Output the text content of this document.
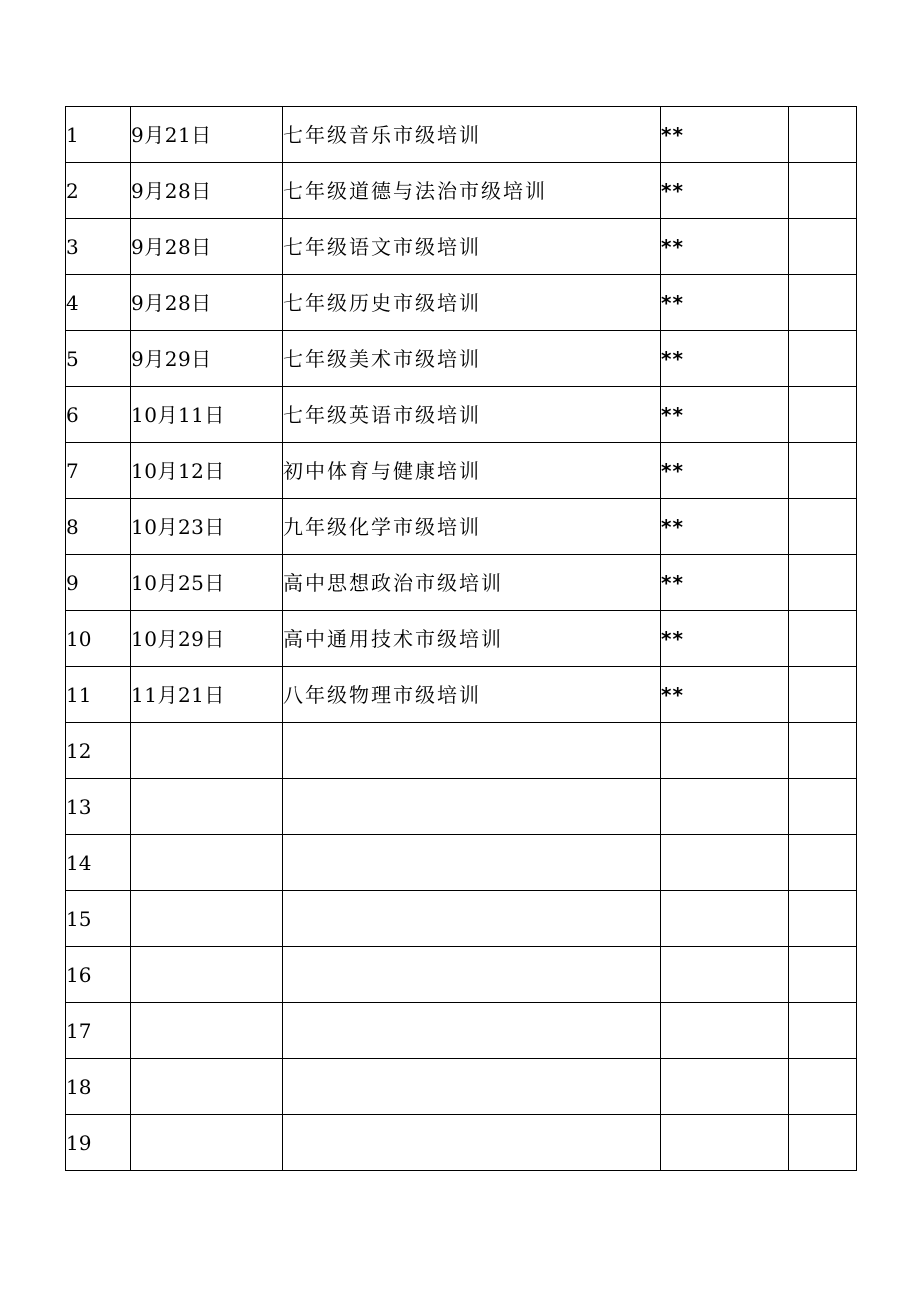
1	9月21日	七年级音乐市级培训	**	
2	9月28日	七年级道德与法治市级培训	**	
3	9月28日	七年级语文市级培训	**	
4	9月28日	七年级历史市级培训	**	
5	9月29日	七年级美术市级培训	**	
6	10月11日	七年级英语市级培训	**	
7	10月12日	初中体育与健康培训	**	
8	10月23日	九年级化学市级培训	**	
9	10月25日	高中思想政治市级培训	**	
10	10月29日	高中通用技术市级培训	**	
11	11月21日	八年级物理市级培训	**	
12				
13				
14				
15				
16				
17				
18				
19				
